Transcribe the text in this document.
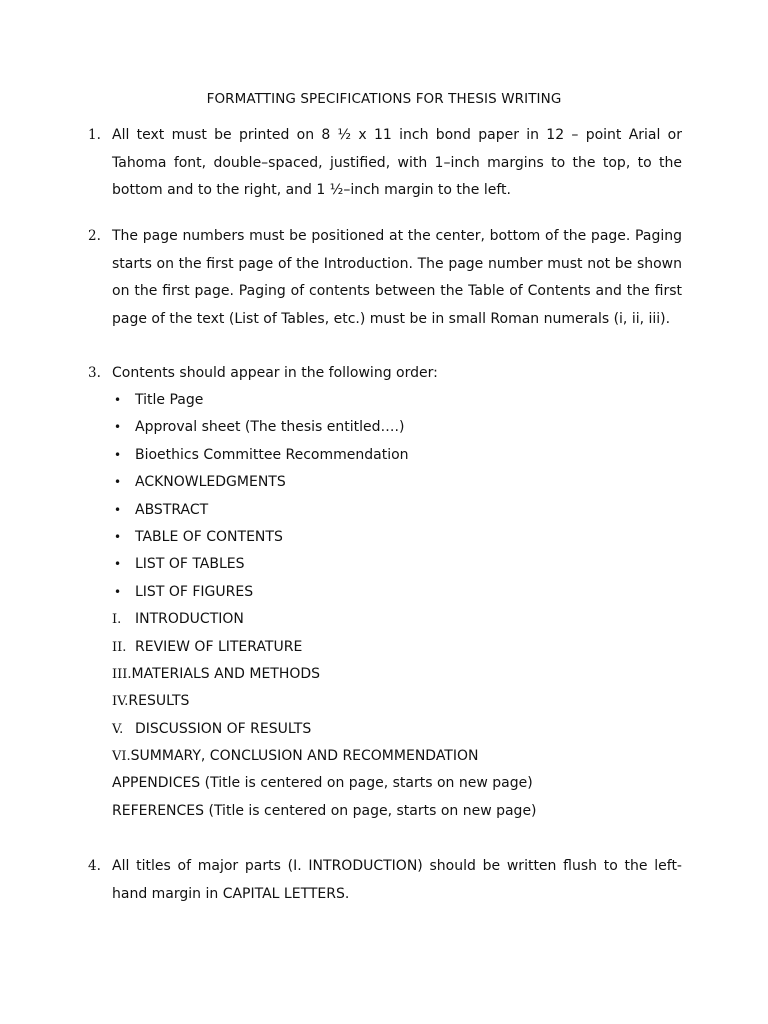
FORMATTING SPECIFICATIONS FOR THESIS WRITING
1. All text must be printed on 8 ½ x 11 inch bond paper in 12 – point Arial or Tahoma font, double–spaced, justified, with 1–inch margins to the top, to the bottom and to the right, and 1 ½–inch margin to the left.
2. The page numbers must be positioned at the center, bottom of the page. Paging starts on the first page of the Introduction. The page number must not be shown on the first page. Paging of contents between the Table of Contents and the first page of the text (List of Tables, etc.) must be in small Roman numerals (i, ii, iii).
3. Contents should appear in the following order:
• Title Page
• Approval sheet (The thesis entitled….)
• Bioethics Committee Recommendation
• ACKNOWLEDGMENTS
• ABSTRACT
• TABLE OF CONTENTS
• LIST OF TABLES
• LIST OF FIGURES
I. INTRODUCTION
II. REVIEW OF LITERATURE
III.MATERIALS AND METHODS
IV.RESULTS
V. DISCUSSION OF RESULTS
VI.SUMMARY, CONCLUSION AND RECOMMENDATION
APPENDICES (Title is centered on page, starts on new page)
REFERENCES (Title is centered on page, starts on new page)
4. All titles of major parts (I. INTRODUCTION) should be written flush to the left-hand margin in CAPITAL LETTERS.
